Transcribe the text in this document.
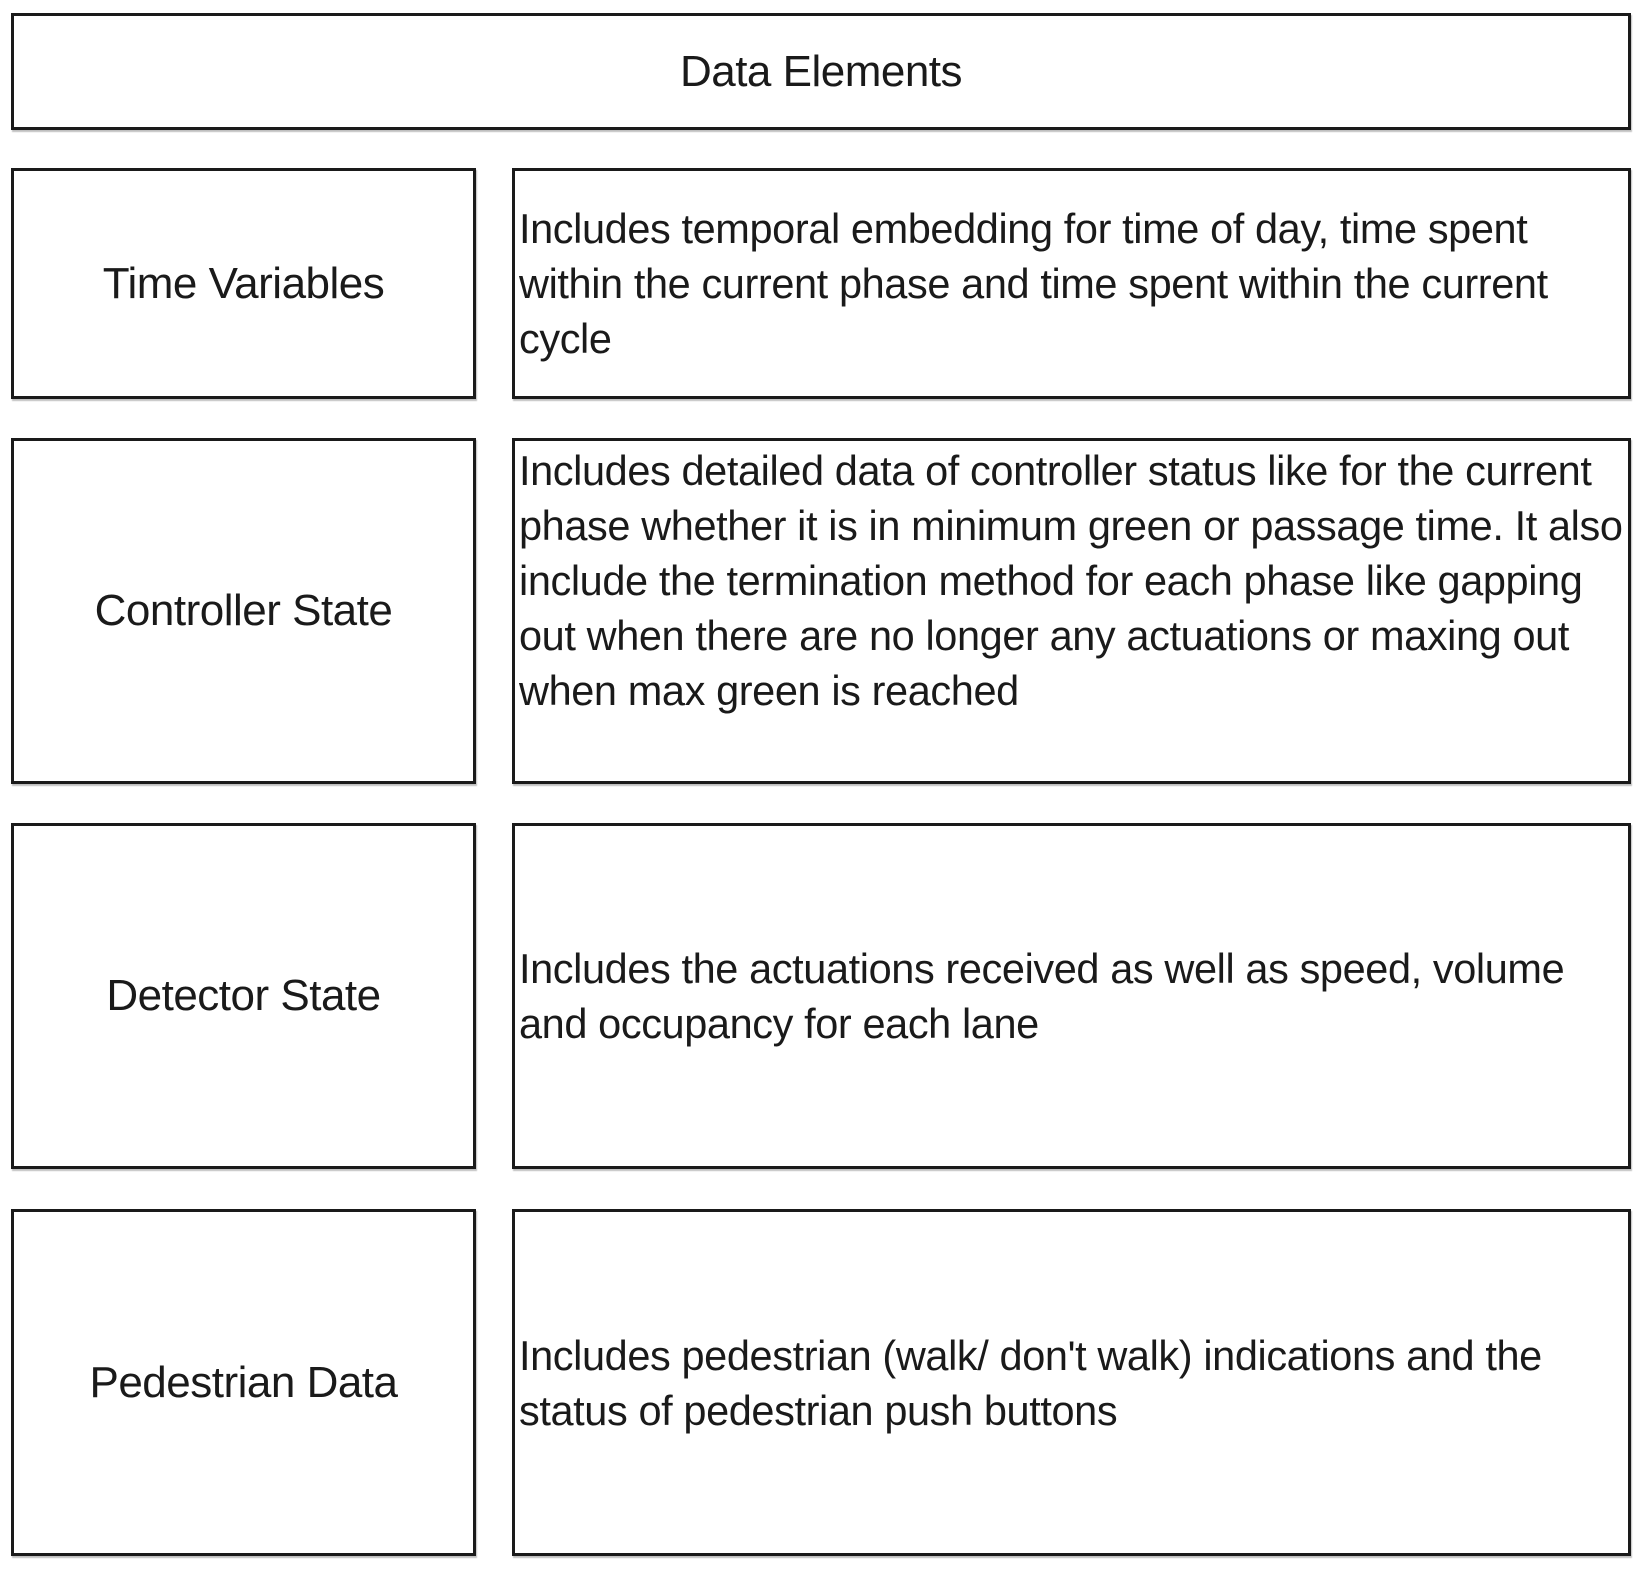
Data Elements
Time Variables
Includes temporal embedding for time of day, time spent within the current phase and time spent within the current cycle
Controller State
Includes detailed data of controller status like for the current phase whether it is in minimum green or passage time. It also include the termination method for each phase like gapping out when there are no longer any actuations or maxing out when max green is reached
Detector State
Includes the actuations received as well as speed, volume and occupancy for each lane
Pedestrian Data
Includes pedestrian (walk/ don't walk) indications and the status of pedestrian push buttons
